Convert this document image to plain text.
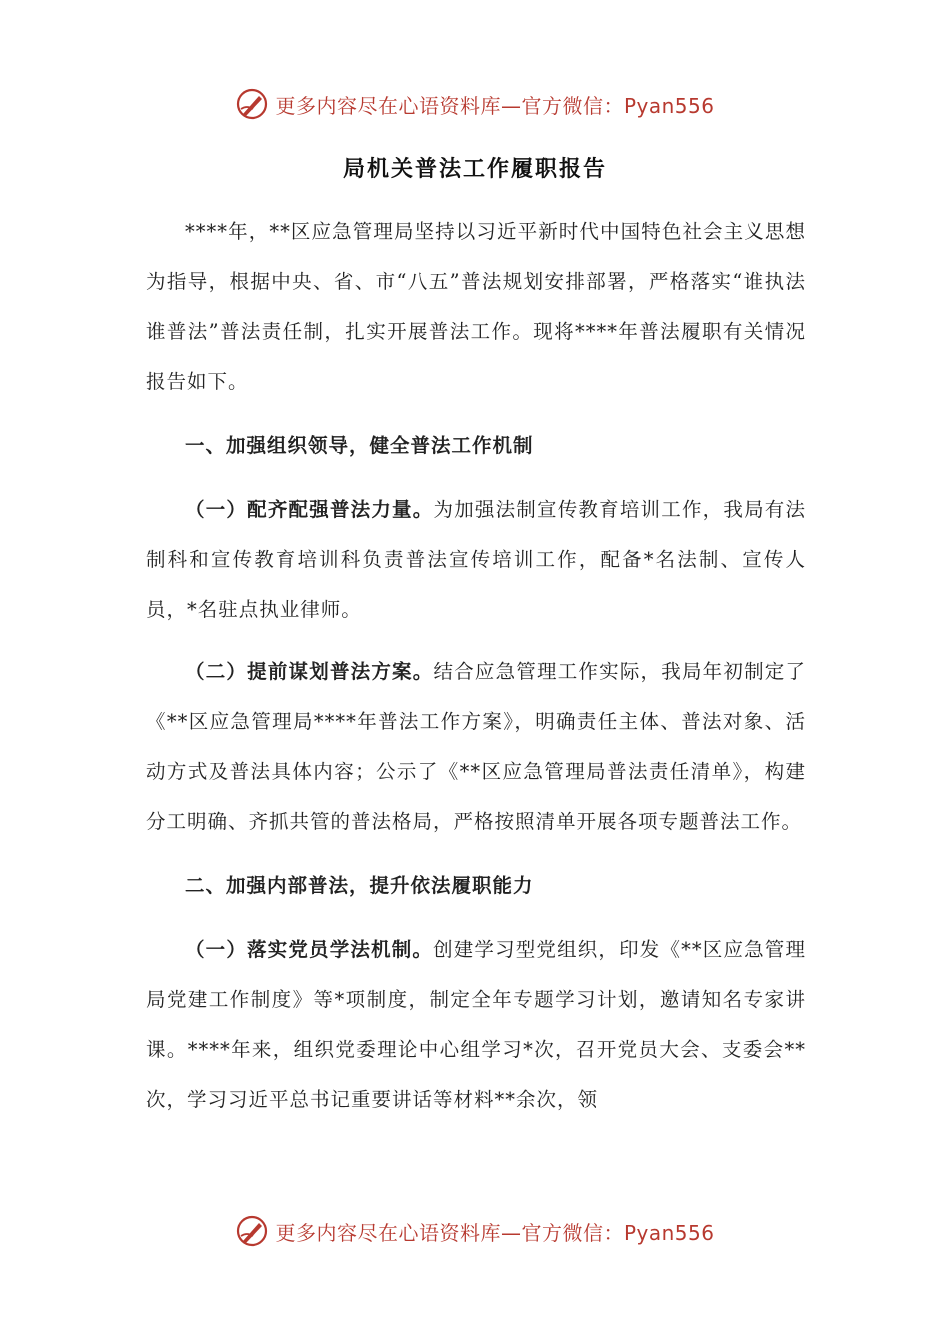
更多内容尽在心语资料库—官方微信：Pyan556
局机关普法工作履职报告

****年，**区应急管理局坚持以习近平新时代中国特色社会主义思想为指导，根据中央、省、市“八五”普法规划安排部署，严格落实“谁执法谁普法”普法责任制，扎实开展普法工作。现将****年普法履职有关情况报告如下。

一、加强组织领导，健全普法工作机制

（一）配齐配强普法力量。为加强法制宣传教育培训工作，我局有法制科和宣传教育培训科负责普法宣传培训工作，配备*名法制、宣传人员，*名驻点执业律师。

（二）提前谋划普法方案。结合应急管理工作实际，我局年初制定了《**区应急管理局****年普法工作方案》，明确责任主体、普法对象、活动方式及普法具体内容；公示了《**区应急管理局普法责任清单》，构建分工明确、齐抓共管的普法格局，严格按照清单开展各项专题普法工作。

二、加强内部普法，提升依法履职能力

（一）落实党员学法机制。创建学习型党组织，印发《**区应急管理局党建工作制度》等*项制度，制定全年专题学习计划，邀请知名专家讲课。****年来，组织党委理论中心组学习*次，召开党员大会、支委会**次，学习习近平总书记重要讲话等材料**余次，领

更多内容尽在心语资料库—官方微信：Pyan556
